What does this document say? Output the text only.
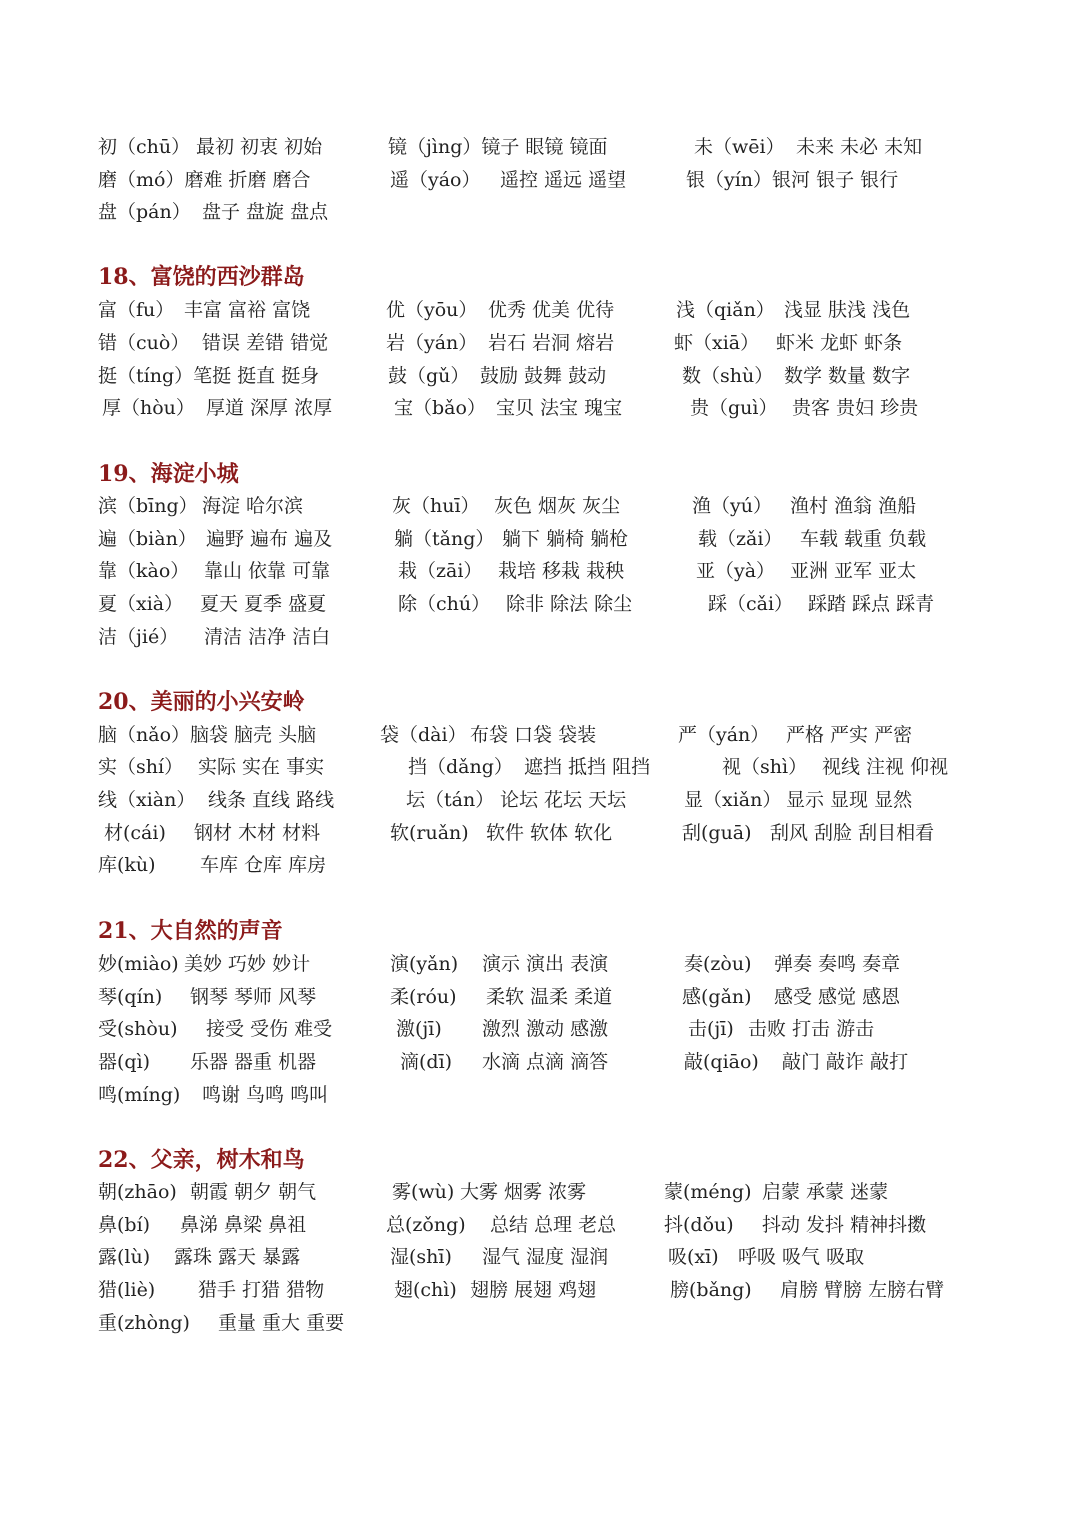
初（chū） 最初 初衷 初始	镜（jìng）镜子 眼镜 镜面	未（wēi） 未来 未必 未知
磨（mó）磨难 折磨 磨合	遥（yáo） 遥控 遥远 遥望	银（yín）银河 银子 银行
盘（pán） 盘子 盘旋 盘点
18、富饶的西沙群岛
富（fu） 丰富 富裕 富饶	优（yōu） 优秀 优美 优待	浅（qiǎn） 浅显 肤浅 浅色
错（cuò） 错误 差错 错觉	岩（yán） 岩石 岩洞 熔岩	虾（xiā） 虾米 龙虾 虾条
挺（tíng）笔挺 挺直 挺身	鼓（gǔ） 鼓励 鼓舞 鼓动	数（shù） 数学 数量 数字
厚（hòu） 厚道 深厚 浓厚	宝（bǎo） 宝贝 法宝 瑰宝	贵（guì） 贵客 贵妇 珍贵
19、海淀小城
滨（bīng） 海淀 哈尔滨	灰（huī） 灰色 烟灰 灰尘	渔（yú） 渔村 渔翁 渔船
遍（biàn） 遍野 遍布 遍及	躺（tǎng） 躺下 躺椅 躺枪	载（zǎi） 车载 载重 负载
靠（kào） 靠山 依靠 可靠	栽（zāi） 栽培 移栽 栽秧	亚（yà） 亚洲 亚军 亚太
夏（xià） 夏天 夏季 盛夏	除（chú） 除非 除法 除尘	踩（cǎi） 踩踏 踩点 踩青
洁（jié） 清洁 洁净 洁白
20、美丽的小兴安岭
脑（nǎo）脑袋 脑壳 头脑	袋（dài） 布袋 口袋 袋装	严（yán） 严格 严实 严密
实（shí） 实际 实在 事实	挡（dǎng） 遮挡 抵挡 阻挡	视（shì） 视线 注视 仰视
线（xiàn） 线条 直线 路线	坛（tán） 论坛 花坛 天坛	显（xiǎn） 显示 显现 显然
材(cái) 钢材 木材 材料	软(ruǎn) 软件 软体 软化	刮(guā) 刮风 刮脸 刮目相看
库(kù) 车库 仓库 库房
21、大自然的声音
妙(miào) 美妙 巧妙 妙计	演(yǎn) 演示 演出 表演	奏(zòu) 弹奏 奏鸣 奏章
琴(qín) 钢琴 琴师 风琴	柔(róu) 柔软 温柔 柔道	感(gǎn) 感受 感觉 感恩
受(shòu) 接受 受伤 难受	激(jī) 激烈 激动 感激	击(jī) 击败 打击 游击
器(qì) 乐器 器重 机器	滴(dī) 水滴 点滴 滴答	敲(qiāo) 敲门 敲诈 敲打
鸣(míng) 鸣谢 鸟鸣 鸣叫
22、父亲，树木和鸟
朝(zhāo) 朝霞 朝夕 朝气	雾(wù) 大雾 烟雾 浓雾	蒙(méng) 启蒙 承蒙 迷蒙
鼻(bí) 鼻涕 鼻梁 鼻祖	总(zǒng) 总结 总理 老总	抖(dǒu) 抖动 发抖 精神抖擞
露(lù) 露珠 露天 暴露	湿(shī) 湿气 湿度 湿润	吸(xī) 呼吸 吸气 吸取
猎(liè) 猎手 打猎 猎物	翅(chì) 翅膀 展翅 鸡翅	膀(bǎng) 肩膀 臂膀 左膀右臂
重(zhòng) 重量 重大 重要
